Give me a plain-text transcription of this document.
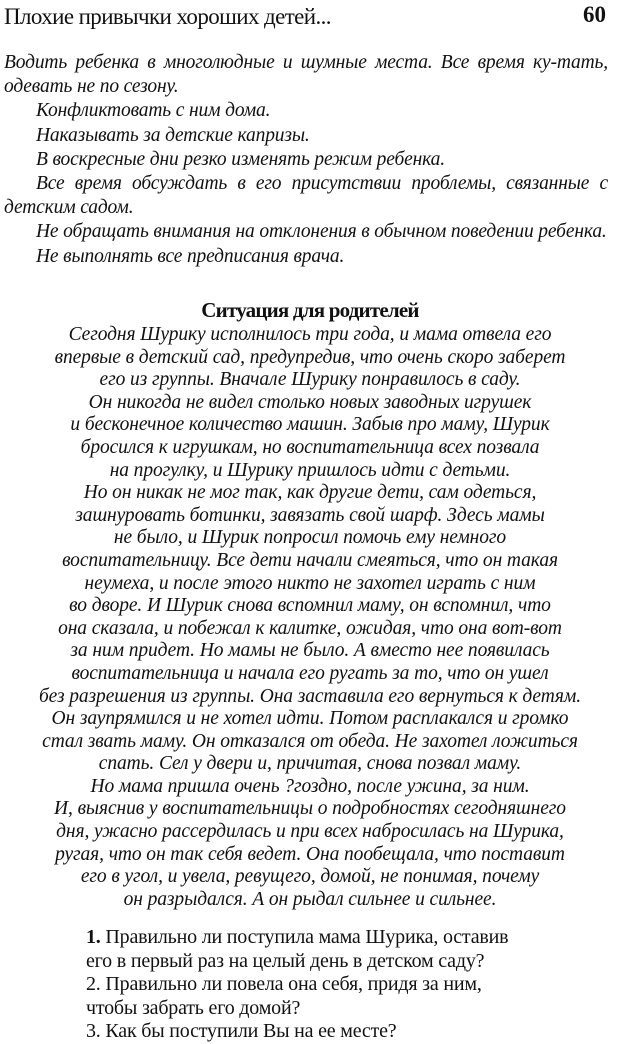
Плохие привычки хороших детей...	60

Водить ребенка в многолюдные и шумные места. Все время ку-тать, одевать не по сезону.

Конфликтовать с ним дома.

Наказывать за детские капризы.

В воскресные дни резко изменять режим ребенка.

Все время обсуждать в его присутствии проблемы, связанные с детским садом.

Не обращать внимания на отклонения в обычном поведении ребенка.

Не выполнять все предписания врача.

Ситуация для родителей
Сегодня Шурику исполнилось три года, и мама отвела его
впервые в детский сад, предупредив, что очень скоро заберет
его из группы. Вначале Шурику понравилось в саду.
Он никогда не видел столько новых заводных игрушек
и бесконечное количество машин. Забыв про маму, Шурик
бросился к игрушкам, но воспитательница всех позвала
на прогулку, и Шурику пришлось идти с детьми.
Но он никак не мог так, как другие дети, сам одеться,
зашнуровать ботинки, завязать свой шарф. Здесь мамы
не было, и Шурик попросил помочь ему немного
воспитательницу. Все дети начали смеяться, что он такая
неумеха, и после этого никто не захотел играть с ним
во дворе. И Шурик снова вспомнил маму, он вспомнил, что
она сказала, и побежал к калитке, ожидая, что она вот-вот
за ним придет. Но мамы не было. А вместо нее появилась
воспитательница и начала его ругать за то, что он ушел
без разрешения из группы. Она заставила его вернуться к детям.
Он заупрямился и не хотел идти. Потом расплакался и громко
стал звать маму. Он отказался от обеда. Не захотел ложиться
спать. Сел у двери и, причитая, снова позвал маму.
Но мама пришла очень ?гоздно, после ужина, за ним.
И, выяснив у воспитательницы о подробностях сегодняшнего
дня, ужасно рассердилась и при всех набросилась на Шурика,
ругая, что он так себя ведет. Она пообещала, что поставит
его в угол, и увела, ревущего, домой, не понимая, почему
он разрыдался. А он рыдал сильнее и сильнее.

1. Правильно ли поступила мама Шурика, оставив
его в первый раз на целый день в детском саду?

2. Правильно ли повела она себя, придя за ним,
чтобы забрать его домой?

3. Как бы поступили Вы на ее месте?
